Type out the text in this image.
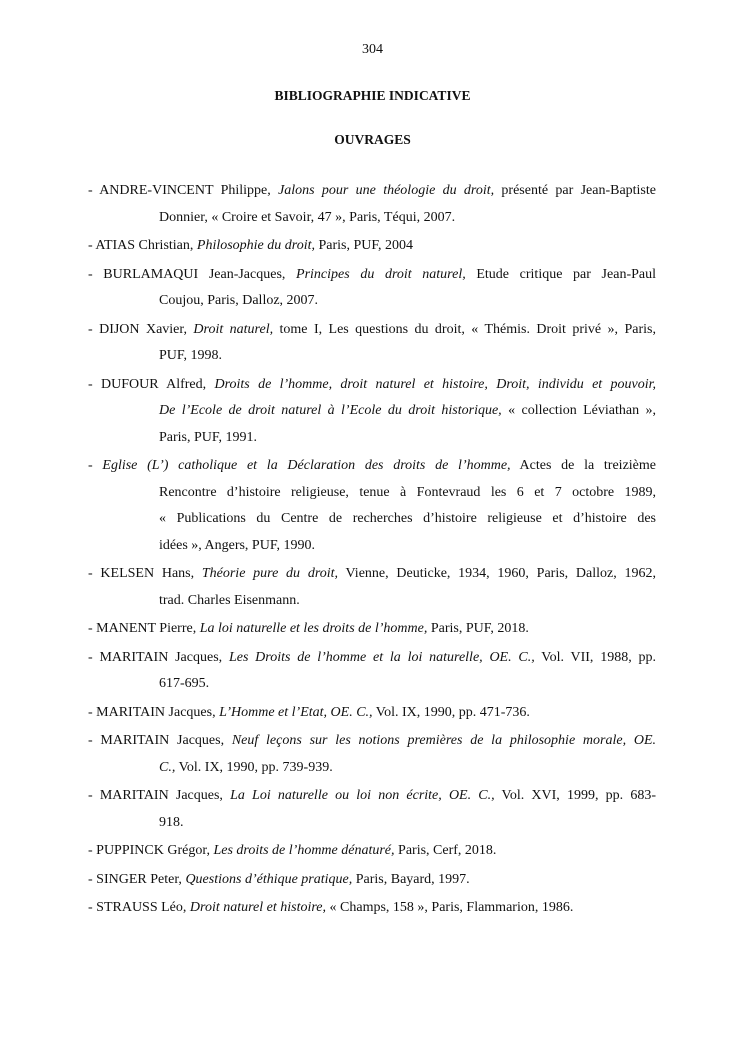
304
BIBLIOGRAPHIE INDICATIVE
OUVRAGES
- ANDRE-VINCENT Philippe, Jalons pour une théologie du droit, présenté par Jean-Baptiste
Donnier, « Croire et Savoir, 47 », Paris, Téqui, 2007.
- ATIAS Christian, Philosophie du droit, Paris, PUF, 2004
- BURLAMAQUI Jean-Jacques, Principes du droit naturel, Etude critique par Jean-Paul
Coujou, Paris, Dalloz, 2007.
- DIJON Xavier, Droit naturel, tome I, Les questions du droit, « Thémis. Droit privé », Paris,
PUF, 1998.
- DUFOUR Alfred, Droits de l’homme, droit naturel et histoire, Droit, individu et pouvoir,
De l’Ecole de droit naturel à l’Ecole du droit historique, « collection Léviathan »,
Paris, PUF, 1991.
- Eglise (L’) catholique et la Déclaration des droits de l’homme, Actes de la treizième
Rencontre d’histoire religieuse, tenue à Fontevraud les 6 et 7 octobre 1989,
« Publications du Centre de recherches d’histoire religieuse et d’histoire des
idées », Angers, PUF, 1990.
- KELSEN Hans, Théorie pure du droit, Vienne, Deuticke, 1934, 1960, Paris, Dalloz, 1962,
trad. Charles Eisenmann.
- MANENT Pierre, La loi naturelle et les droits de l’homme, Paris, PUF, 2018.
- MARITAIN Jacques, Les Droits de l’homme et la loi naturelle, OE. C., Vol. VII, 1988, pp.
617-695.
- MARITAIN Jacques, L’Homme et l’Etat, OE. C., Vol. IX, 1990, pp. 471-736.
- MARITAIN Jacques, Neuf leçons sur les notions premières de la philosophie morale, OE.
C., Vol. IX, 1990, pp. 739-939.
- MARITAIN Jacques, La Loi naturelle ou loi non écrite, OE. C., Vol. XVI, 1999, pp. 683-
918.
- PUPPINCK Grégor, Les droits de l’homme dénaturé, Paris, Cerf, 2018.
- SINGER Peter, Questions d’éthique pratique, Paris, Bayard, 1997.
- STRAUSS Léo, Droit naturel et histoire, « Champs, 158 », Paris, Flammarion, 1986.
